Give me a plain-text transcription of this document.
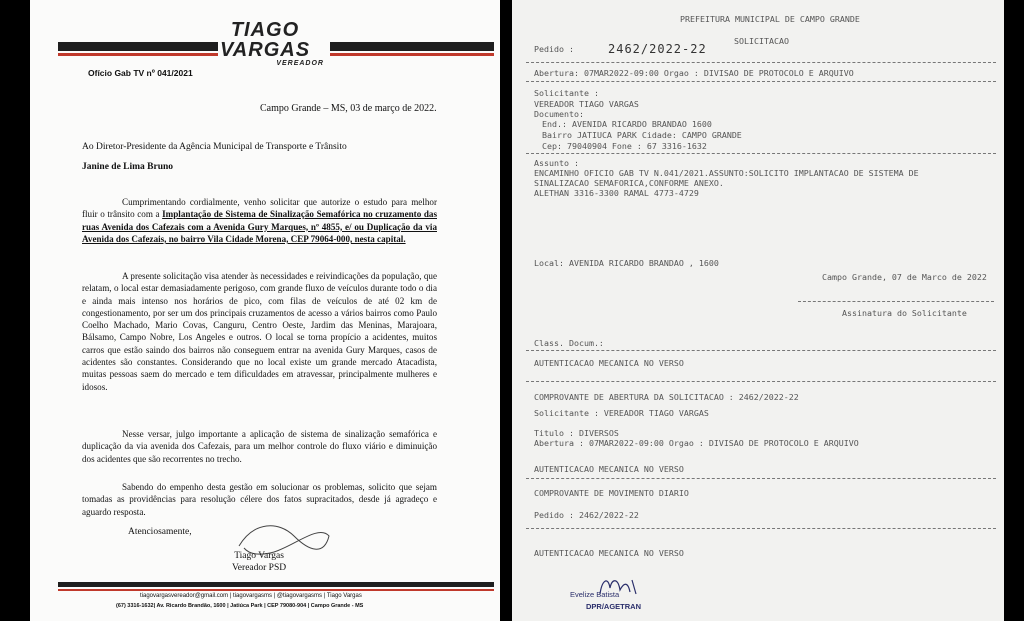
TIAGO
VARGAS
VEREADOR
Ofício Gab TV nº 041/2021
Campo Grande – MS, 03 de março de 2022.
Ao Diretor-Presidente da Agência Municipal de Transporte e Trânsito
Janine de Lima Bruno
Cumprimentando cordialmente, venho solicitar que autorize o estudo para melhor fluir o trânsito com a Implantação de Sistema de Sinalização Semafórica no cruzamento das ruas Avenida dos Cafezais com a Avenida Gury Marques, nº 4855, e/ ou Duplicação da via Avenida dos Cafezais, no bairro Vila Cidade Morena, CEP 79064-000, nesta capital.
A presente solicitação visa atender às necessidades e reivindicações da população, que relatam, o local estar demasiadamente perigoso, com grande fluxo de veículos durante todo o dia e ainda mais intenso nos horários de pico, com filas de veículos de até 02 km de congestionamento, por ser um dos principais cruzamentos de acesso a vários bairros como Paulo Coelho Machado, Mario Covas, Canguru, Centro Oeste, Jardim das Meninas, Marajoara, Bálsamo, Campo Nobre, Los Angeles e outros. O local se torna propício a acidentes, muitos carros que estão saindo dos bairros não conseguem entrar na avenida Gury Marques, casos de acidentes são constantes. Considerando que no local existe um grande mercado Atacadista, muitas pessoas saem do mercado e tem dificuldades em atravessar, principalmente mulheres e idosos.
Nesse versar, julgo importante a aplicação de sistema de sinalização semafórica e duplicação da via avenida dos Cafezais, para um melhor controle do fluxo viário e diminuição dos acidentes que são recorrentes no trecho.
Sabendo do empenho desta gestão em solucionar os problemas, solicito que sejam tomadas as providências para resolução célere dos fatos supracitados, desde já agradeço e aguardo resposta.
Atenciosamente,
Tiago Vargas
Vereador PSD
tiagovargasvereador@gmail.com | tiagovargasms | @tiagovargasms | Tiago Vargas
(67) 3316-1632| Av. Ricardo Brandão, 1600 | Jatiúca Park | CEP 79080-904 | Campo Grande - MS
PREFEITURA MUNICIPAL DE CAMPO GRANDE
SOLICITACAO
Pedido :	2462/2022-22
Abertura: 07MAR2022-09:00 Orgao : DIVISAO DE PROTOCOLO E ARQUIVO
Solicitante :
VEREADOR TIAGO VARGAS
Documento:
End.: AVENIDA RICARDO BRANDAO 1600
Bairro JATIUCA PARK Cidade: CAMPO GRANDE
Cep: 79040904 Fone : 67 3316-1632
Assunto :
ENCAMINHO OFICIO GAB TV N.041/2021.ASSUNTO:SOLICITO IMPLANTACAO DE SISTEMA DE
SINALIZACAO SEMAFORICA,CONFORME ANEXO.
ALETHAN 3316-3300 RAMAL 4773-4729
Local: AVENIDA RICARDO BRANDAO , 1600
Campo Grande, 07 de Marco de 2022
Assinatura do Solicitante
Class. Docum.:
AUTENTICACAO MECANICA NO VERSO
COMPROVANTE DE ABERTURA DA SOLICITACAO : 2462/2022-22
Solicitante : VEREADOR TIAGO VARGAS
Titulo : DIVERSOS
Abertura : 07MAR2022-09:00 Orgao : DIVISAO DE PROTOCOLO E ARQUIVO
AUTENTICACAO MECANICA NO VERSO
COMPROVANTE DE MOVIMENTO DIARIO
Pedido : 2462/2022-22
AUTENTICACAO MECANICA NO VERSO
Evelize Batista
DPR/AGETRAN
